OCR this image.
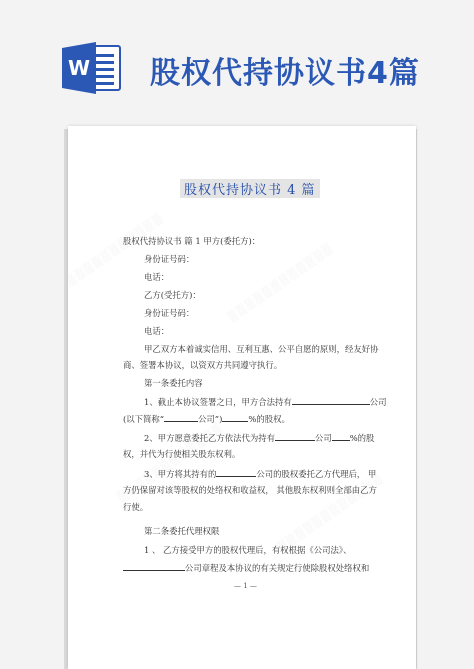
W 股权代持协议书4篇
股权代持协议书 4 篇
股权代持协议书 篇 1 甲方(委托方)：
身份证号码：
电话：
乙方(受托方)：
身份证号码：
电话：
甲乙双方本着诚实信用、互利互惠、公平自愿的原则，经友好协
商、签署本协议，以资双方共同遵守执行。
第一条委托内容
1、截止本协议签署之日，甲方合法持有	公司
(以下简称“	公司”)	%的股权。
2、甲方愿意委托乙方依法代为持有	公司 %的股
权，并代为行使相关股东权利。
3、甲方将其持有的	公司的股权委托乙方代理后， 甲
方仍保留对该等股权的处络权和收益权， 其他股东权利则全部由乙方
行使。
第二条委托代理权限
1 、 乙方接受甲方的股权代理后，有权根据《公司法》、
公司章程及本协议的有关规定行使除股权处络权和
— 1 —
